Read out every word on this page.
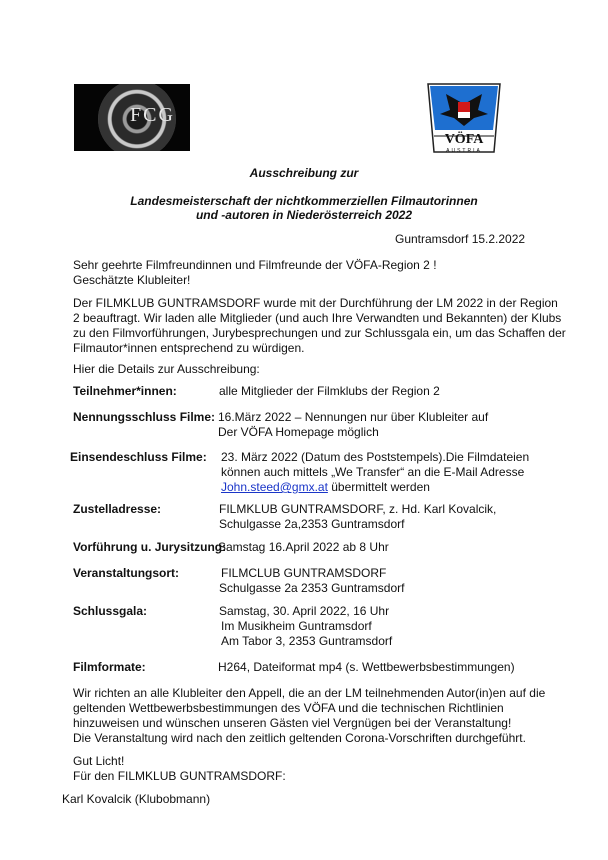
FCG
VÖFA
AUSTRIA
Ausschreibung zur
Landesmeisterschaft der nichtkommerziellen Filmautorinnen
und -autoren in Niederösterreich 2022
Guntramsdorf 15.2.2022
Sehr geehrte Filmfreundinnen und Filmfreunde der VÖFA-Region 2 !
Geschätzte Klubleiter!
Der FILMKLUB GUNTRAMSDORF wurde mit der Durchführung der LM 2022 in der Region
2 beauftragt. Wir laden alle Mitglieder (und auch Ihre Verwandten und Bekannten) der Klubs
zu den Filmvorführungen, Jurybesprechungen und zur Schlussgala ein, um das Schaffen der
Filmautor*innen entsprechend zu würdigen.
Hier die Details zur Ausschreibung:
Teilnehmer*innen:	alle Mitglieder der Filmklubs der Region 2
Nennungsschluss Filme: 16.März 2022 – Nennungen nur über Klubleiter auf
Der VÖFA Homepage möglich
Einsendeschluss Filme: 23. März 2022 (Datum des Poststempels).Die Filmdateien
können auch mittels „We Transfer“ an die E-Mail Adresse
John.steed@gmx.at übermittelt werden
Zustelladresse:	FILMKLUB GUNTRAMSDORF, z. Hd. Karl Kovalcik,
Schulgasse 2a,2353 Guntramsdorf
Vorführung u. Jurysitzung:
Samstag 16.April 2022 ab 8 Uhr
Veranstaltungsort:	FILMCLUB GUNTRAMSDORF
Schulgasse 2a 2353 Guntramsdorf
Schlussgala:	Samstag, 30. April 2022, 16 Uhr
Im Musikheim Guntramsdorf
Am Tabor 3, 2353 Guntramsdorf
Filmformate:	H264, Dateiformat mp4 (s. Wettbewerbsbestimmungen)
Wir richten an alle Klubleiter den Appell, die an der LM teilnehmenden Autor(in)en auf die
geltenden Wettbewerbsbestimmungen des VÖFA und die technischen Richtlinien
hinzuweisen und wünschen unseren Gästen viel Vergnügen bei der Veranstaltung!
Die Veranstaltung wird nach den zeitlich geltenden Corona-Vorschriften durchgeführt.
Gut Licht!
Für den FILMKLUB GUNTRAMSDORF:
Karl Kovalcik (Klubobmann)
